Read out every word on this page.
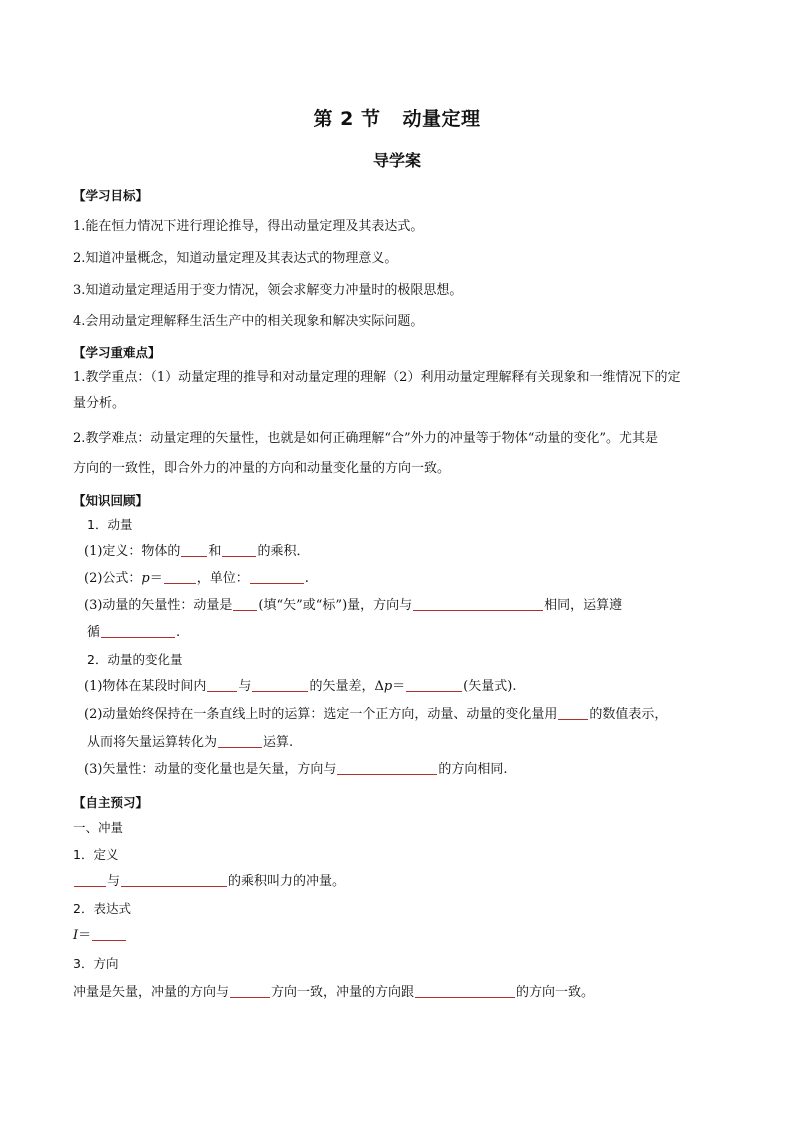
第 2 节 动量定理
导学案
【学习目标】
1.能在恒力情况下进行理论推导，得出动量定理及其表达式。
2.知道冲量概念，知道动量定理及其表达式的物理意义。
3.知道动量定理适用于变力情况，领会求解变力冲量时的极限思想。
4.会用动量定理解释生活生产中的相关现象和解决实际问题。
【学习重难点】
1.教学重点：（1）动量定理的推导和对动量定理的理解（2）利用动量定理解释有关现象和一维情况下的定
量分析。
2.教学难点：动量定理的矢量性，也就是如何正确理解“合”外力的冲量等于物体“动量的变化”。尤其是
方向的一致性，即合外力的冲量的方向和动量变化量的方向一致。
【知识回顾】
1．动量
(1)定义：物体的 和	的乘积．
(2)公式：p＝	，单位：	.
(3)动量的矢量性：动量是 (填“矢”或“标”)量，方向与	相同，运算遵
循	.
2．动量的变化量
(1)物体在某段时间内 与	的矢量差，Δp＝	(矢量式).
(2)动量始终保持在一条直线上时的运算：选定一个正方向，动量、动量的变化量用 的数值表示，
从而将矢量运算转化为	运算.
(3)矢量性：动量的变化量也是矢量，方向与	的方向相同.
【自主预习】
一、冲量
1．定义
与	的乘积叫力的冲量。
2．表达式
I＝
3．方向
冲量是矢量，冲量的方向与	方向一致，冲量的方向跟	的方向一致。
